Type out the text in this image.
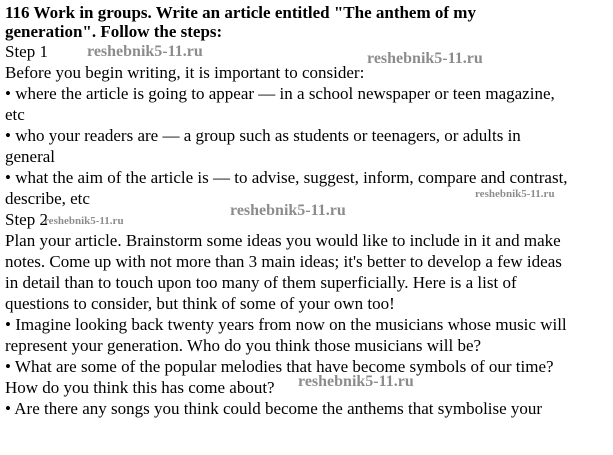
116 Work in groups. Write an article entitled "The anthem of my
generation". Follow the steps:
Step 1
Before you begin writing, it is important to consider:
• where the article is going to appear — in a school newspaper or teen magazine,
etc
• who your readers are — a group such as students or teenagers, or adults in
general
• what the aim of the article is — to advise, suggest, inform, compare and contrast,
describe, etc
Step 2
Plan your article. Brainstorm some ideas you would like to include in it and make
notes. Come up with not more than 3 main ideas; it's better to develop a few ideas
in detail than to touch upon too many of them superficially. Here is a list of
questions to consider, but think of some of your own too!
• Imagine looking back twenty years from now on the musicians whose music will
represent your generation. Who do you think those musicians will be?
• What are some of the popular melodies that have become symbols of our time?
How do you think this has come about?
• Are there any songs you think could become the anthems that symbolise your
reshebnik5-11.ru	reshebnik5-11.ru
reshebnik5-11.ru
reshebnik5-11.ru
reshebnik5-11.ru
reshebnik5-11.ru
